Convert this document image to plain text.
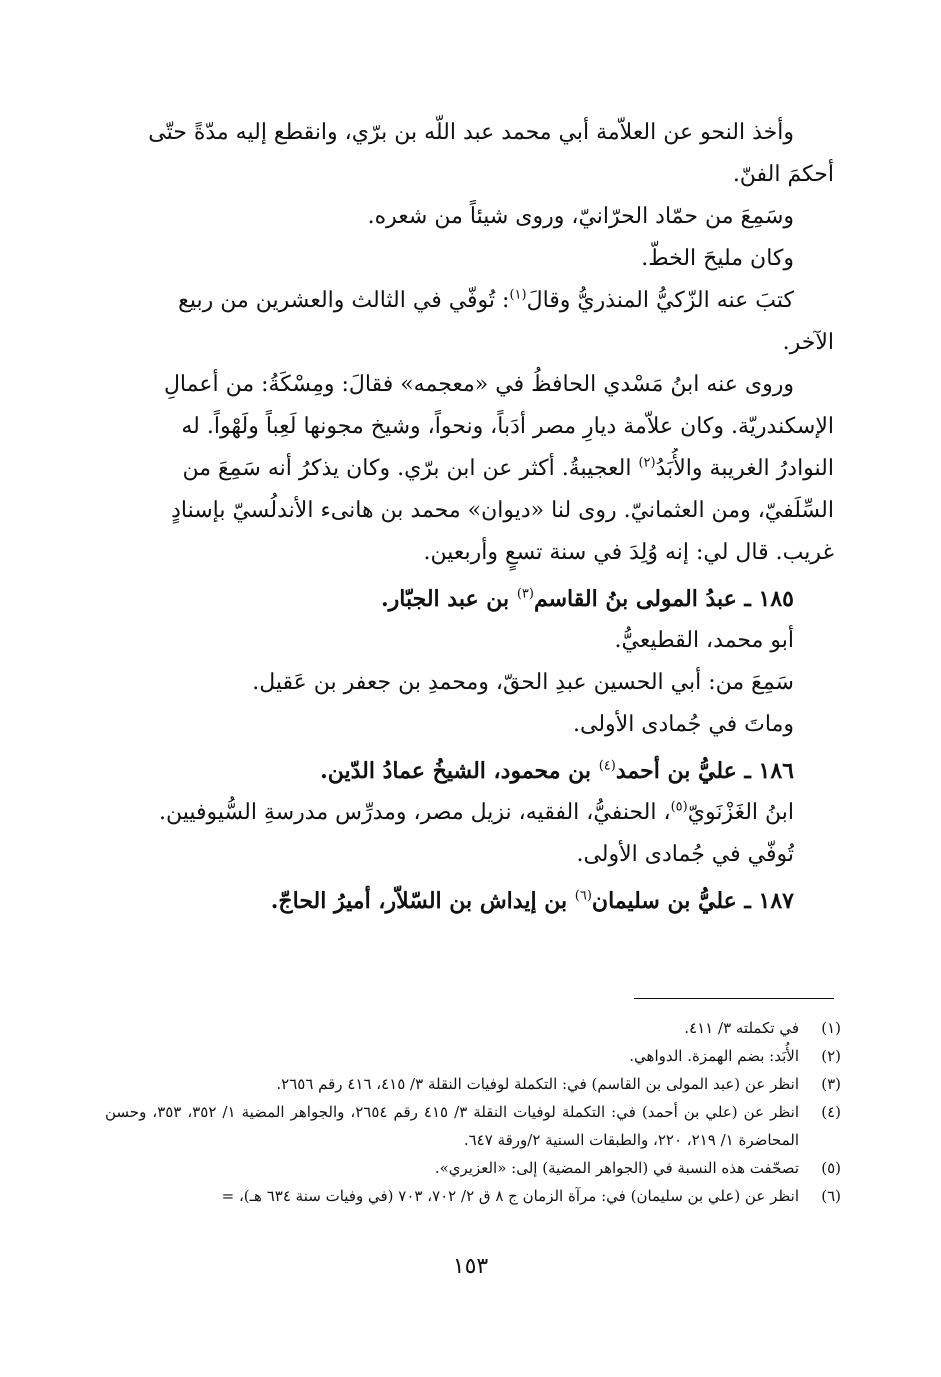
وأخذ النحو عن العلاّمة أبي محمد عبد اللّه بن برّي، وانقطع إليه مدّةً حتّى

أحكمَ الفنّ.

وسَمِعَ من حمّاد الحرّانيّ، وروى شيئاً من شعره.

وكان مليحَ الخطّ.

كتبَ عنه الزّكيُّ المنذريُّ وقالَ$^{(١)}$: تُوفّي في الثالث والعشرين من ربيع

الآخر.

وروى عنه ابنُ مَسْدي الحافظُ في «معجمه» فقالَ: ومِسْكَةُ: من أعمالِ

الإسكندريّة. وكان علاّمة ديارِ مصر أدَباً، ونحواً، وشيخ مجونها لَعِباً ولَهْواً. له
النوادرُ الغريبة والأُبَدُ$^{(٢)}$ العجيبةُ. أكثر عن ابن برّي. وكان يذكرُ أنه سَمِعَ من
السِّلَفيّ، ومن العثمانيّ. روى لنا «ديوان» محمد بن هانىء الأندلُسيّ بإسنادٍ
غريب. قال لي: إنه وُلِدَ في سنة تسعٍ وأربعين.

١٨٥ ـ عبدُ المولى بنُ القاسم$^{(٣)}$ بن عبد الجبّار.

أبو محمد، القطيعيُّ.

سَمِعَ من: أبي الحسين عبدِ الحقّ، ومحمدِ بن جعفر بن عَقيل.

وماتَ في جُمادى الأولى.

١٨٦ ـ عليُّ بن أحمد$^{(٤)}$ بن محمود، الشيخُ عمادُ الدّين.

ابنُ الغَزْنَويّ$^{(٥)}$، الحنفيُّ، الفقيه، نزيل مصر، ومدرِّس مدرسةِ السُّيوفيين.

تُوفّي في جُمادى الأولى.

١٨٧ ـ عليُّ بن سليمان$^{(٦)}$ بن إيداش بن السّلاّر، أميرُ الحاجّ.

(١)
في تكملته ٣/ ٤١١.
(٢)
الأُبَد: بضم الهمزة. الدواهي.
(٣)
انظر عن (عبد المولى بن القاسم) في: التكملة لوفيات النقلة ٣/ ٤١٥، ٤١٦ رقم ٢٦٥٦.
(٤)
انظر عن (علي بن أحمد) في: التكملة لوفيات النقلة ٣/ ٤١٥ رقم ٢٦٥٤، والجواهر المضية ١/ ٣٥٢، ٣٥٣، وحسن المحاضرة ١/ ٢١٩، ٢٢٠، والطبقات السنية ٢/ورقة ٦٤٧.
(٥)
تصحّفت هذه النسبة في (الجواهر المضية) إلى: «العزيري».
(٦)
انظر عن (علي بن سليمان) في: مرآة الزمان ج ٨ ق ٢/ ٧٠٢، ٧٠٣ (في وفيات سنة ٦٣٤ هـ)، =
١٥٣
